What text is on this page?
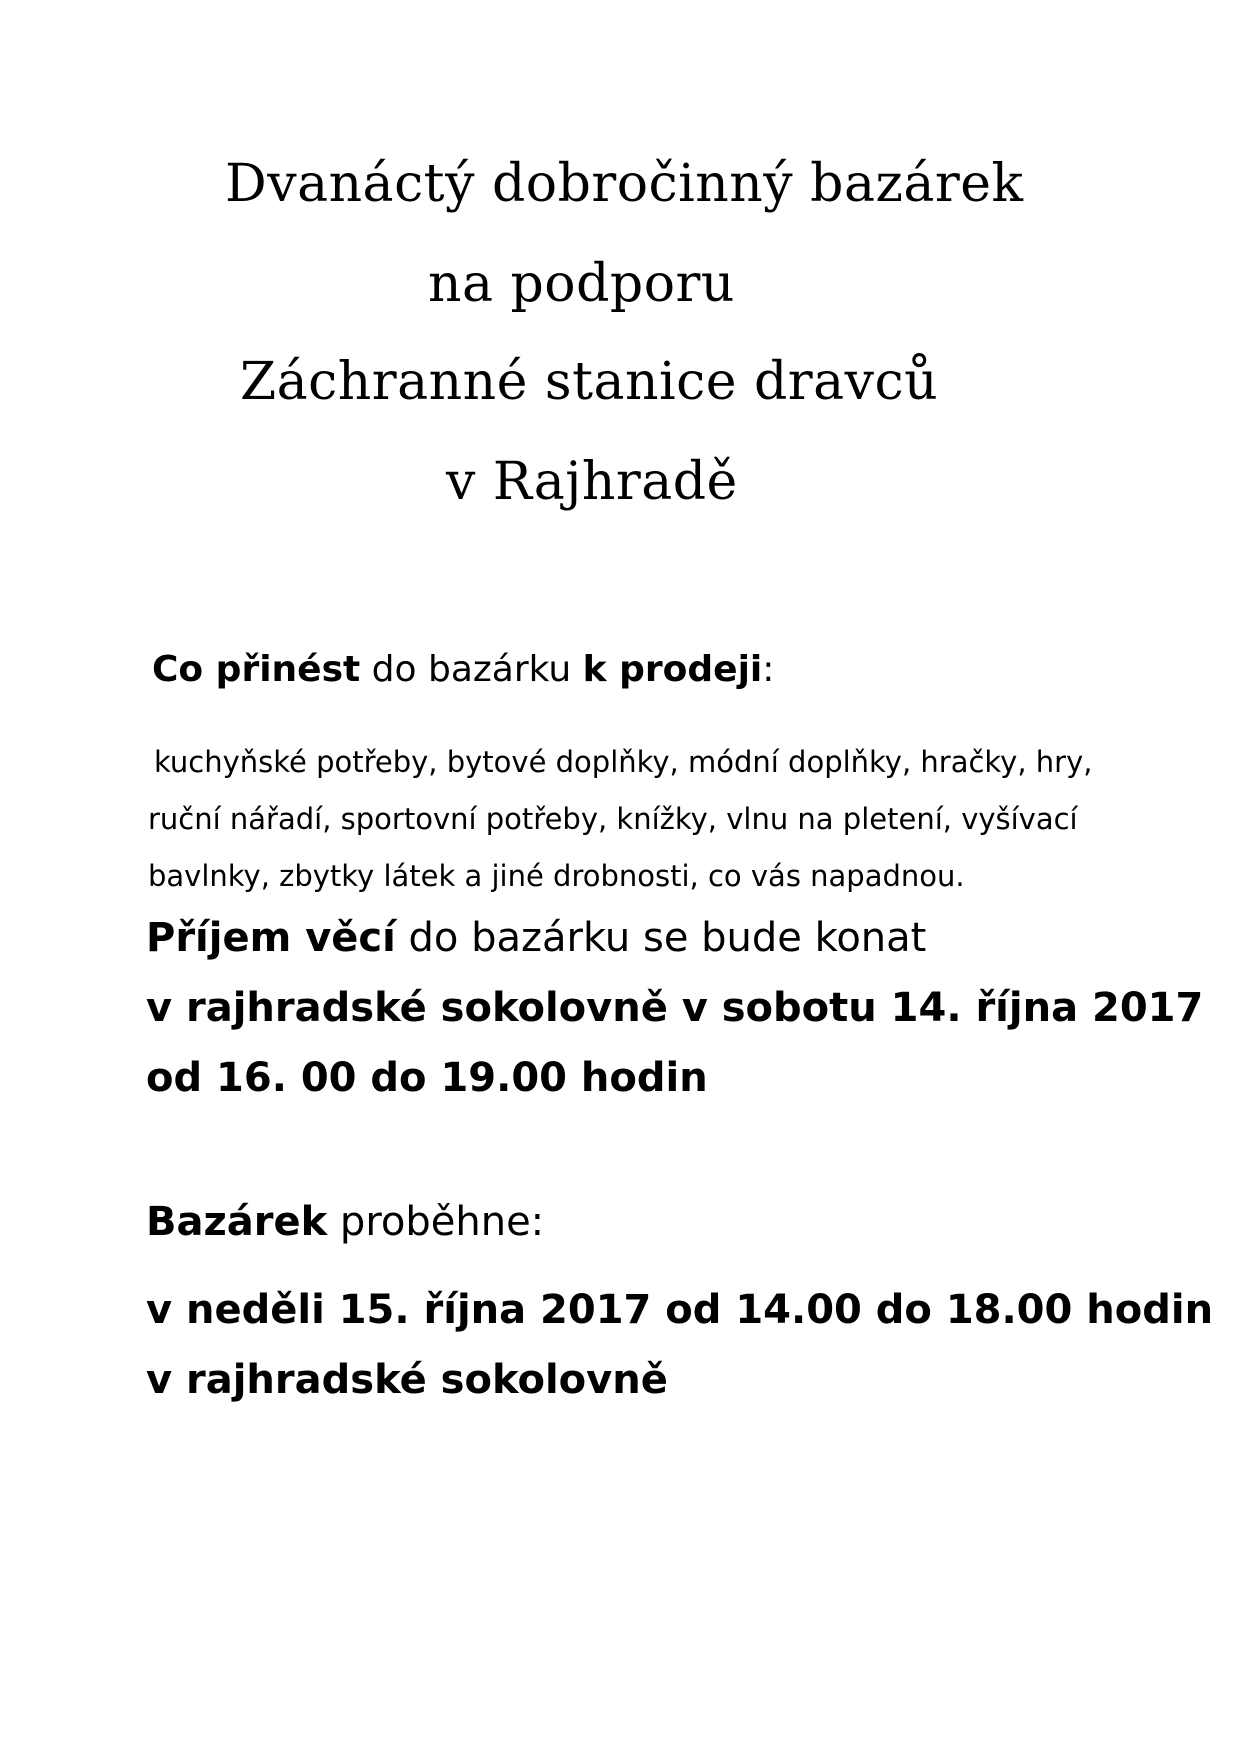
Dvanáctý dobročinný bazárek
na podporu
Záchranné stanice dravců
v Rajhradě
Co přinést do bazárku k prodeji:
kuchyňské potřeby, bytové doplňky, módní doplňky, hračky, hry,
ruční nářadí, sportovní potřeby, knížky, vlnu na pletení, vyšívací
bavlnky, zbytky látek a jiné drobnosti, co vás napadnou.
Příjem věcí do bazárku se bude konat
v rajhradské sokolovně v sobotu 14. října 2017
od 16. 00 do 19.00 hodin
Bazárek proběhne:
v neděli 15. října 2017 od 14.00 do 18.00 hodin
v rajhradské sokolovně
